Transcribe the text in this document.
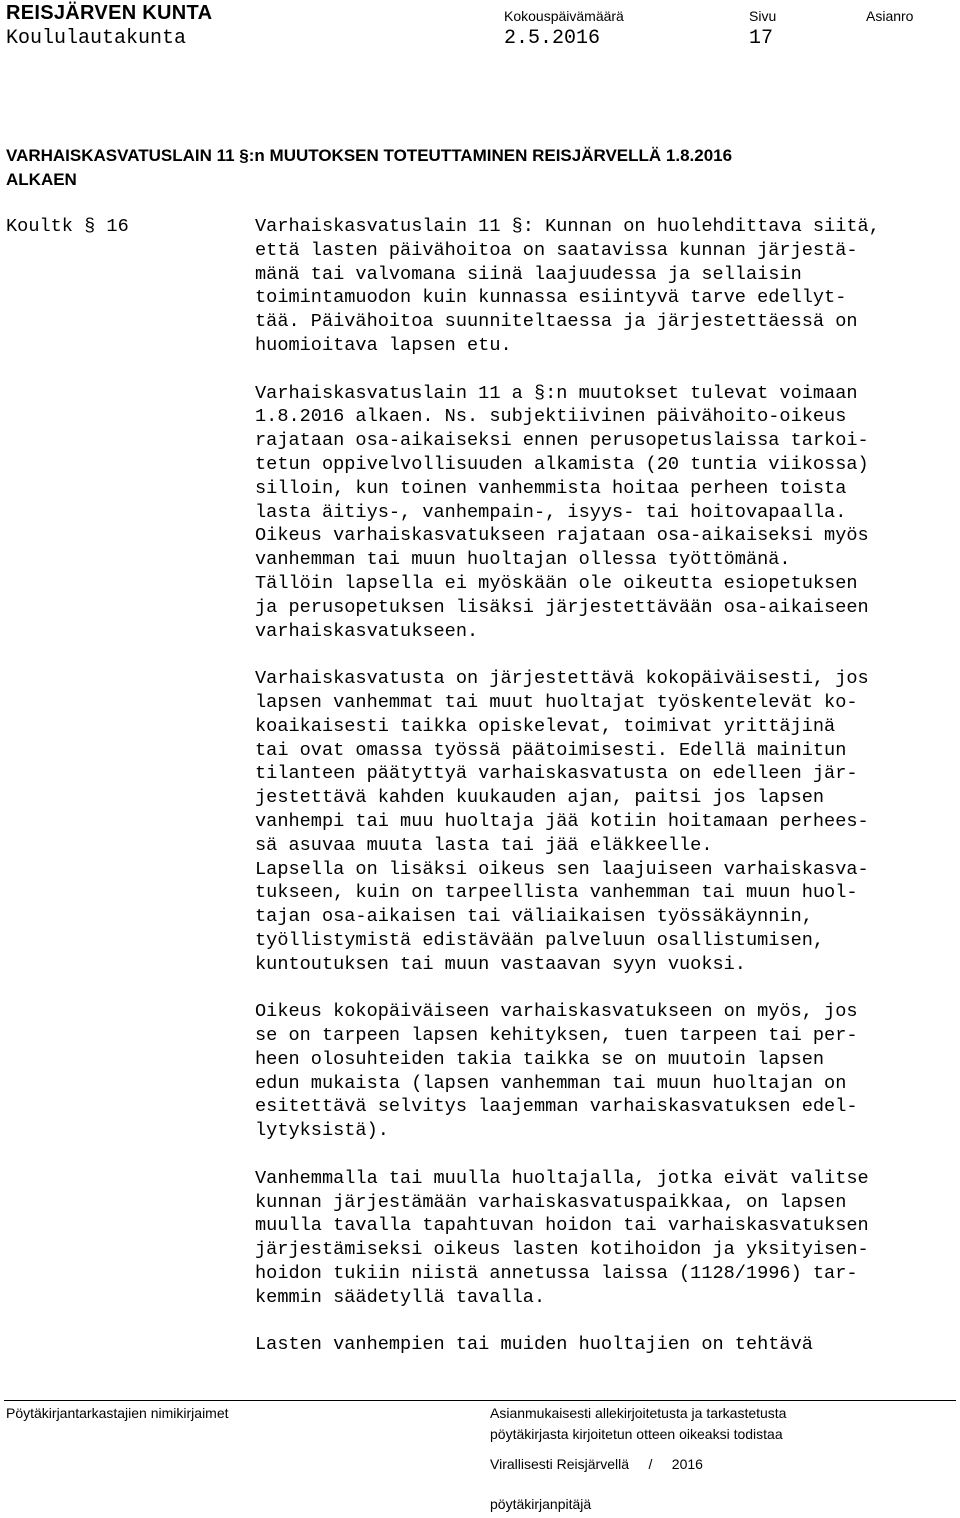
REISJÄRVEN KUNTA
Koululautakunta
Kokouspäivämäärä
2.5.2016
Sivu
17
Asianro
VARHAISKASVATUSLAIN 11 §:n MUUTOKSEN TOTEUTTAMINEN REISJÄRVELLÄ 1.8.2016
ALKAEN
Koultk § 16	Varhaiskasvatuslain 11 §: Kunnan on huolehdittava siitä,
että lasten päivähoitoa on saatavissa kunnan järjestä-
mänä tai valvomana siinä laajuudessa ja sellaisin
toimintamuodon kuin kunnassa esiintyvä tarve edellyt-
tää. Päivähoitoa suunniteltaessa ja järjestettäessä on
huomioitava lapsen etu.
Varhaiskasvatuslain 11 a §:n muutokset tulevat voimaan
1.8.2016 alkaen. Ns. subjektiivinen päivähoito-oikeus
rajataan osa-aikaiseksi ennen perusopetuslaissa tarkoi-
tetun oppivelvollisuuden alkamista (20 tuntia viikossa)
silloin, kun toinen vanhemmista hoitaa perheen toista
lasta äitiys-, vanhempain-, isyys- tai hoitovapaalla.
Oikeus varhaiskasvatukseen rajataan osa-aikaiseksi myös
vanhemman tai muun huoltajan ollessa työttömänä.
Tällöin lapsella ei myöskään ole oikeutta esiopetuksen
ja perusopetuksen lisäksi järjestettävään osa-aikaiseen
varhaiskasvatukseen.
Varhaiskasvatusta on järjestettävä kokopäiväisesti, jos
lapsen vanhemmat tai muut huoltajat työskentelevät ko-
koaikaisesti taikka opiskelevat, toimivat yrittäjinä
tai ovat omassa työssä päätoimisesti. Edellä mainitun
tilanteen päätyttyä varhaiskasvatusta on edelleen jär-
jestettävä kahden kuukauden ajan, paitsi jos lapsen
vanhempi tai muu huoltaja jää kotiin hoitamaan perhees-
sä asuvaa muuta lasta tai jää eläkkeelle.
Lapsella on lisäksi oikeus sen laajuiseen varhaiskasva-
tukseen, kuin on tarpeellista vanhemman tai muun huol-
tajan osa-aikaisen tai väliaikaisen työssäkäynnin,
työllistymistä edistävään palveluun osallistumisen,
kuntoutuksen tai muun vastaavan syyn vuoksi.
Oikeus kokopäiväiseen varhaiskasvatukseen on myös, jos
se on tarpeen lapsen kehityksen, tuen tarpeen tai per-
heen olosuhteiden takia taikka se on muutoin lapsen
edun mukaista (lapsen vanhemman tai muun huoltajan on
esitettävä selvitys laajemman varhaiskasvatuksen edel-
lytyksistä).
Vanhemmalla tai muulla huoltajalla, jotka eivät valitse
kunnan järjestämään varhaiskasvatuspaikkaa, on lapsen
muulla tavalla tapahtuvan hoidon tai varhaiskasvatuksen
järjestämiseksi oikeus lasten kotihoidon ja yksityisen-
hoidon tukiin niistä annetussa laissa (1128/1996) tar-
kemmin säädetyllä tavalla.
Lasten vanhempien tai muiden huoltajien on tehtävä
Pöytäkirjantarkastajien nimikirjaimet	Asianmukaisesti allekirjoitetusta ja tarkastetusta
pöytäkirjasta kirjoitetun otteen oikeaksi todistaa
Virallisesti Reisjärvellä     /     2016
pöytäkirjanpitäjä
